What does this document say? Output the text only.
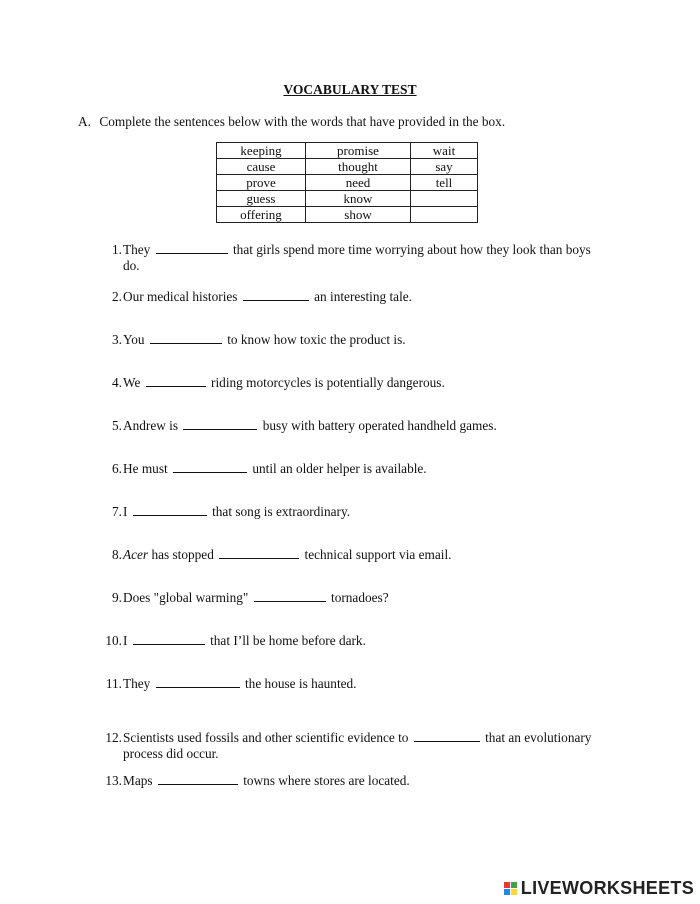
VOCABULARY TEST
A. Complete the sentences below with the words that have provided in the box.
keeping	promise	wait
cause	thought	say
prove	need	tell
guess	know	
offering	show	
1. They	that girls spend more time worrying about how they look than boys do.
2. Our medical histories	an interesting tale.
3. You	to know how toxic the product is.
4. We	riding motorcycles is potentially dangerous.
5. Andrew is	busy with battery operated handheld games.
6. He must	until an older helper is available.
7. I	that song is extraordinary.
8. Acer has stopped	technical support via email.
9. Does "global warming"	tornadoes?
10. I	that I’ll be home before dark.
11. They	the house is haunted.
12. Scientists used fossils and other scientific evidence to	that an evolutionary process did occur.
13. Maps	towns where stores are located.
LIVEWORKSHEETS
